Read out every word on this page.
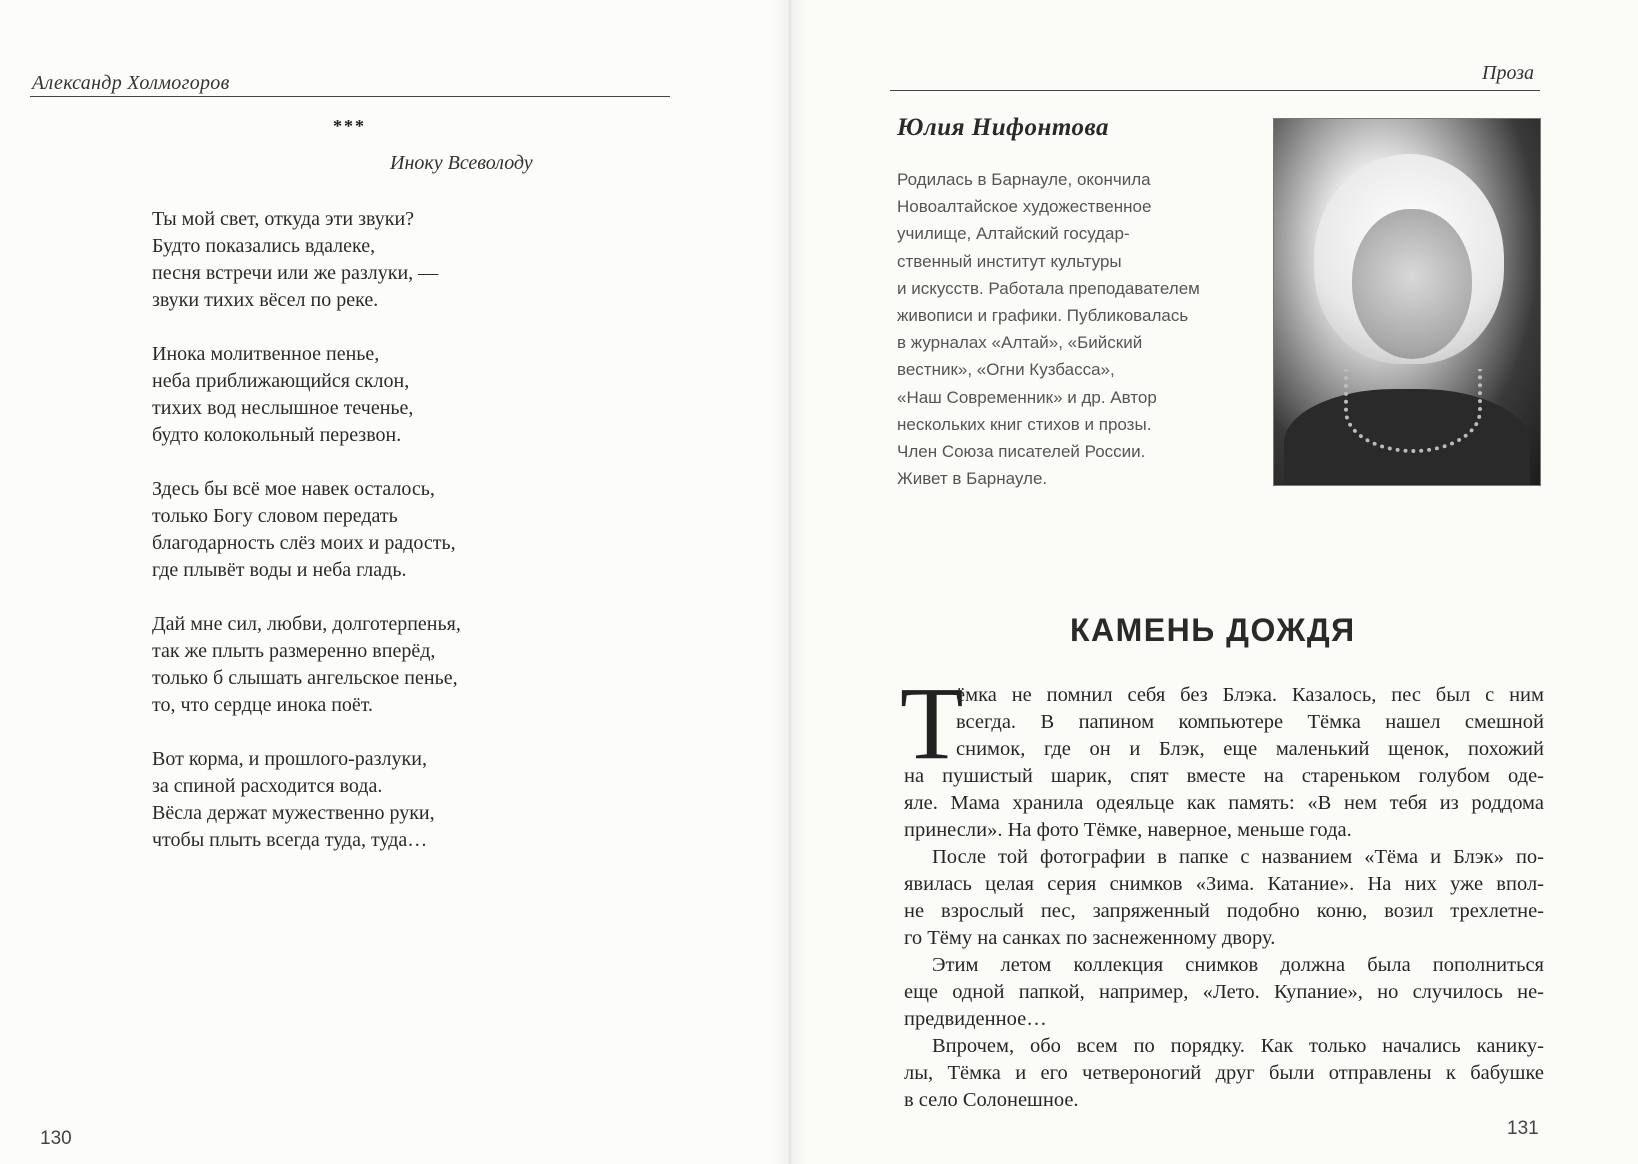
Александр Холмогоров
***
Иноку Всеволоду
Ты мой свет, откуда эти звуки?
Будто показались вдалеке,
песня встречи или же разлуки, —
звуки тихих вёсел по реке.
Инока молитвенное пенье,
неба приближающийся склон,
тихих вод неслышное теченье,
будто колокольный перезвон.
Здесь бы всё мое навек осталось,
только Богу словом передать
благодарность слёз моих и радость,
где плывёт воды и неба гладь.
Дай мне сил, любви, долготерпенья,
так же плыть размеренно вперёд,
только б слышать ангельское пенье,
то, что сердце инока поёт.
Вот корма, и прошлого-разлуки,
за спиной расходится вода.
Вёсла держат мужественно руки,
чтобы плыть всегда туда, туда…
130
Проза
Юлия Нифонтова
Родилась в Барнауле, окончила
Новоалтайское художественное
училище, Алтайский государ-
ственный институт культуры
и искусств. Работала преподавателем
живописи и графики. Публиковалась
в журналах «Алтай», «Бийский
вестник», «Огни Кузбасса»,
«Наш Современник» и др. Автор
нескольких книг стихов и прозы.
Член Союза писателей России.
Живет в Барнауле.
КАМЕНЬ ДОЖДЯ
Т
ёмка не помнил себя без Блэка. Казалось, пес был с ним
всегда. В папином компьютере Тёмка нашел смешной
снимок, где он и Блэк, еще маленький щенок, похожий
на пушистый шарик, спят вместе на стареньком голубом оде-
яле. Мама хранила одеяльце как память: «В нем тебя из роддома
принесли». На фото Тёмке, наверное, меньше года.
После той фотографии в папке с названием «Тёма и Блэк» по-
явилась целая серия снимков «Зима. Катание». На них уже впол-
не взрослый пес, запряженный подобно коню, возил трехлетне-
го Тёму на санках по заснеженному двору.
Этим летом коллекция снимков должна была пополниться
еще одной папкой, например, «Лето. Купание», но случилось не-
предвиденное…
Впрочем, обо всем по порядку. Как только начались канику-
лы, Тёмка и его четвероногий друг были отправлены к бабушке
в село Солонешное.
131
